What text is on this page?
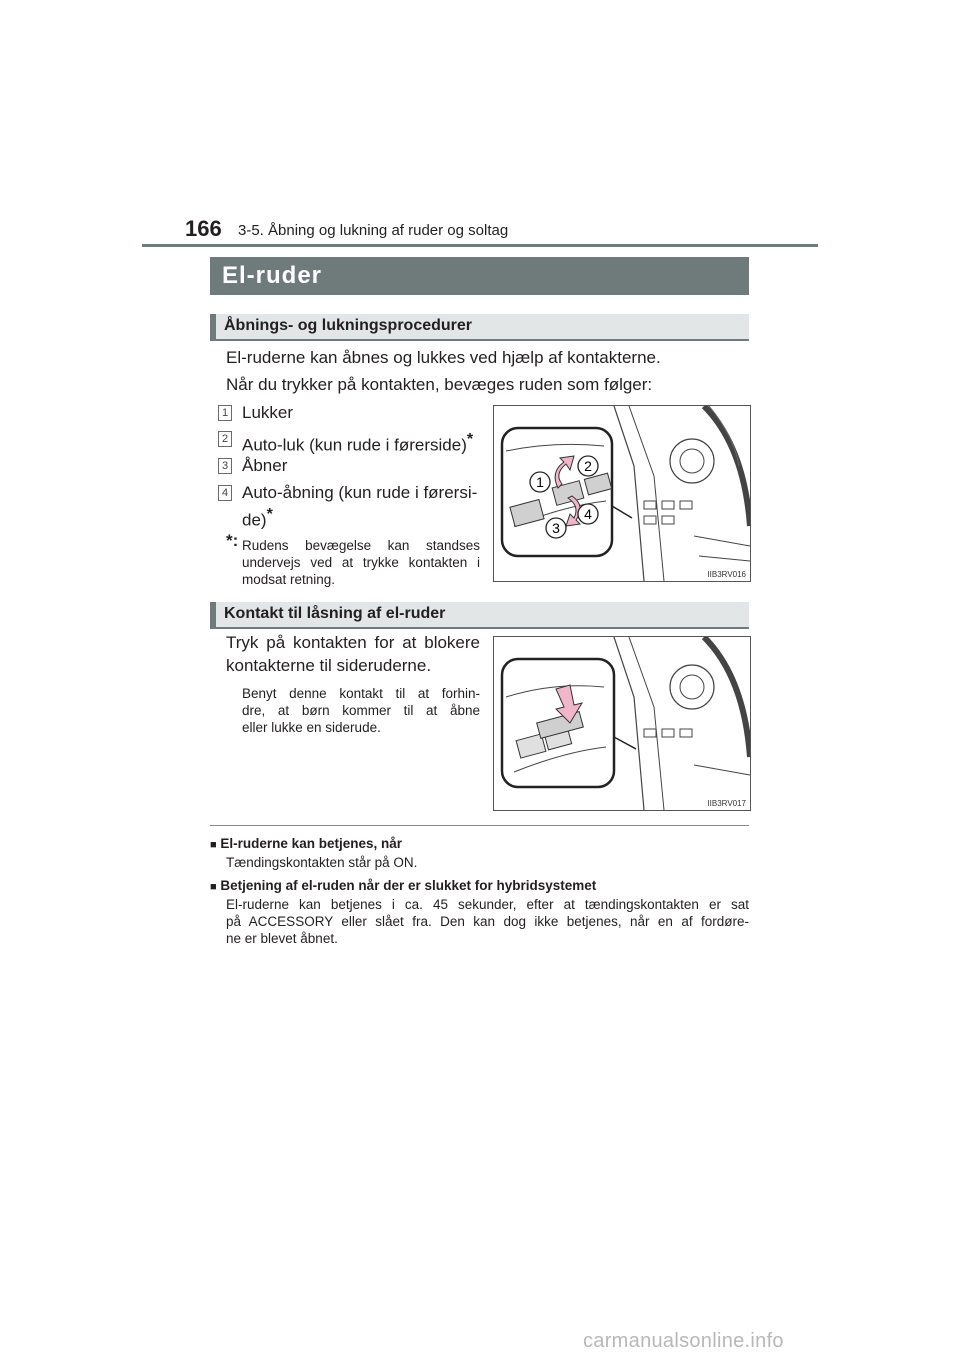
166 3-5. Åbning og lukning af ruder og soltag
El-ruder
Åbnings- og lukningsprocedurer
El-ruderne kan åbnes og lukkes ved hjælp af kontakterne.
Når du trykker på kontakten, bevæges ruden som følger:
1 Lukker
2 Auto-luk (kun rude i førerside)*
3 Åbner
4 Auto-åbning (kun rude i førersi-
de)*
*: Rudens bevægelse kan standses
undervejs ved at trykke kontakten i
modsat retning.
1
2
3
4
IIB3RV016
Kontakt til låsning af el-ruder
Tryk på kontakten for at blokere
kontakterne til sideruderne.
Benyt denne kontakt til at forhin-
dre, at børn kommer til at åbne
eller lukke en siderude.
IIB3RV017
■ El-ruderne kan betjenes, når
Tændingskontakten står på ON.
■ Betjening af el-ruden når der er slukket for hybridsystemet
El-ruderne kan betjenes i ca. 45 sekunder, efter at tændingskontakten er sat
på ACCESSORY eller slået fra. Den kan dog ikke betjenes, når en af fordøre-
ne er blevet åbnet.
carmanualsonline.info
